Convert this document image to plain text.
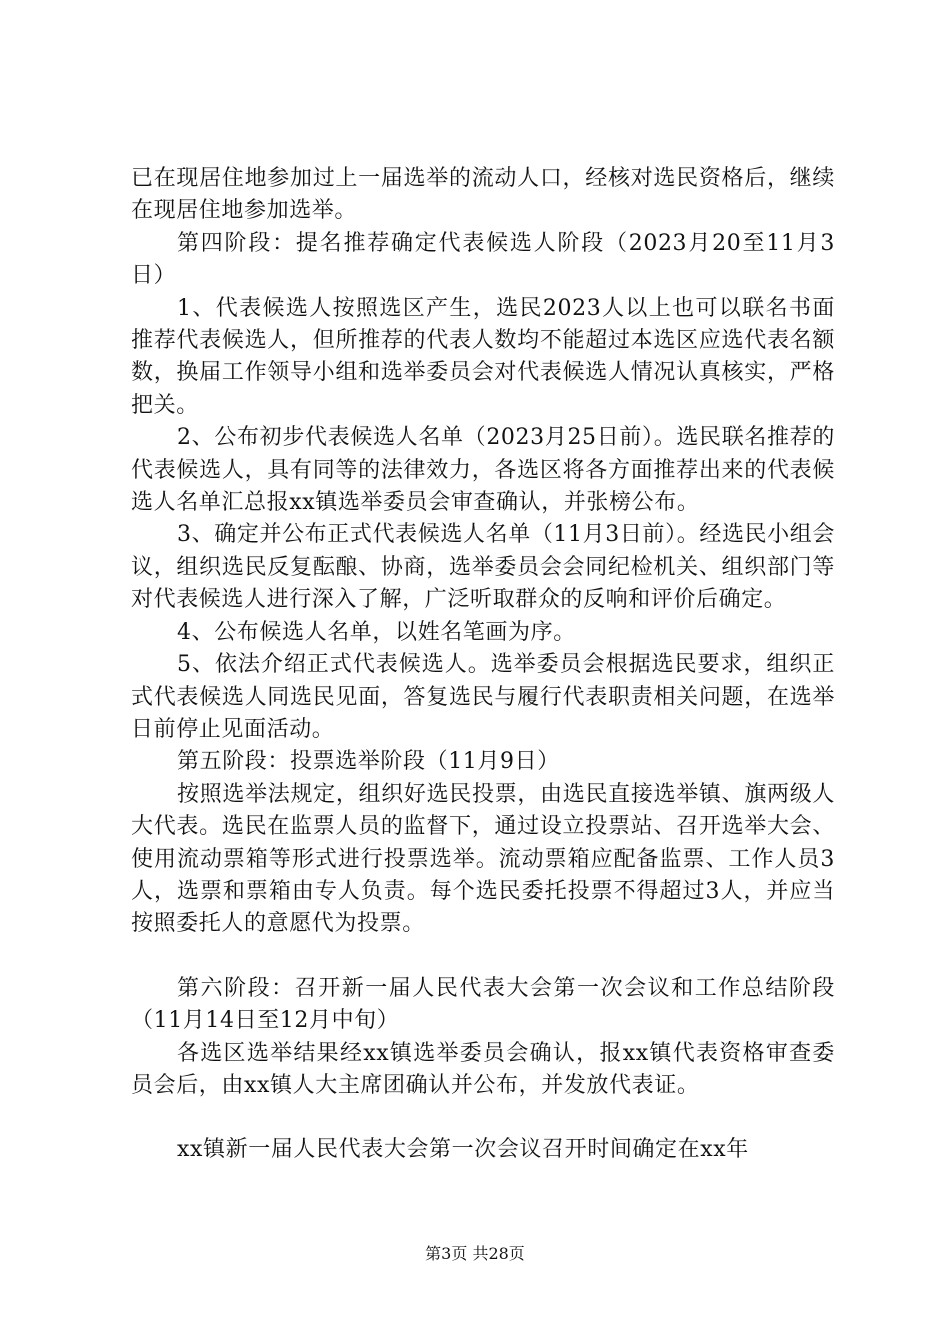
已在现居住地参加过上一届选举的流动人口，经核对选民资格后，继续在现居住地参加选举。

第四阶段：提名推荐确定代表候选人阶段（2023月20至11月3日）

1、代表候选人按照选区产生，选民2023人以上也可以联名书面推荐代表候选人，但所推荐的代表人数均不能超过本选区应选代表名额数，换届工作领导小组和选举委员会对代表候选人情况认真核实，严格把关。

2、公布初步代表候选人名单（2023月25日前）。选民联名推荐的代表候选人，具有同等的法律效力，各选区将各方面推荐出来的代表候选人名单汇总报xx镇选举委员会审查确认，并张榜公布。

3、确定并公布正式代表候选人名单（11月3日前）。经选民小组会议，组织选民反复酝酿、协商，选举委员会会同纪检机关、组织部门等对代表候选人进行深入了解，广泛听取群众的反响和评价后确定。

4、公布候选人名单，以姓名笔画为序。

5、依法介绍正式代表候选人。选举委员会根据选民要求，组织正式代表候选人同选民见面，答复选民与履行代表职责相关问题，在选举日前停止见面活动。

第五阶段：投票选举阶段（11月9日）

按照选举法规定，组织好选民投票，由选民直接选举镇、旗两级人大代表。选民在监票人员的监督下，通过设立投票站、召开选举大会、使用流动票箱等形式进行投票选举。流动票箱应配备监票、工作人员3人，选票和票箱由专人负责。每个选民委托投票不得超过3人，并应当按照委托人的意愿代为投票。

第六阶段：召开新一届人民代表大会第一次会议和工作总结阶段（11月14日至12月中旬）

各选区选举结果经xx镇选举委员会确认，报xx镇代表资格审查委员会后，由xx镇人大主席团确认并公布，并发放代表证。

xx镇新一届人民代表大会第一次会议召开时间确定在xx年

第3页 共28页
